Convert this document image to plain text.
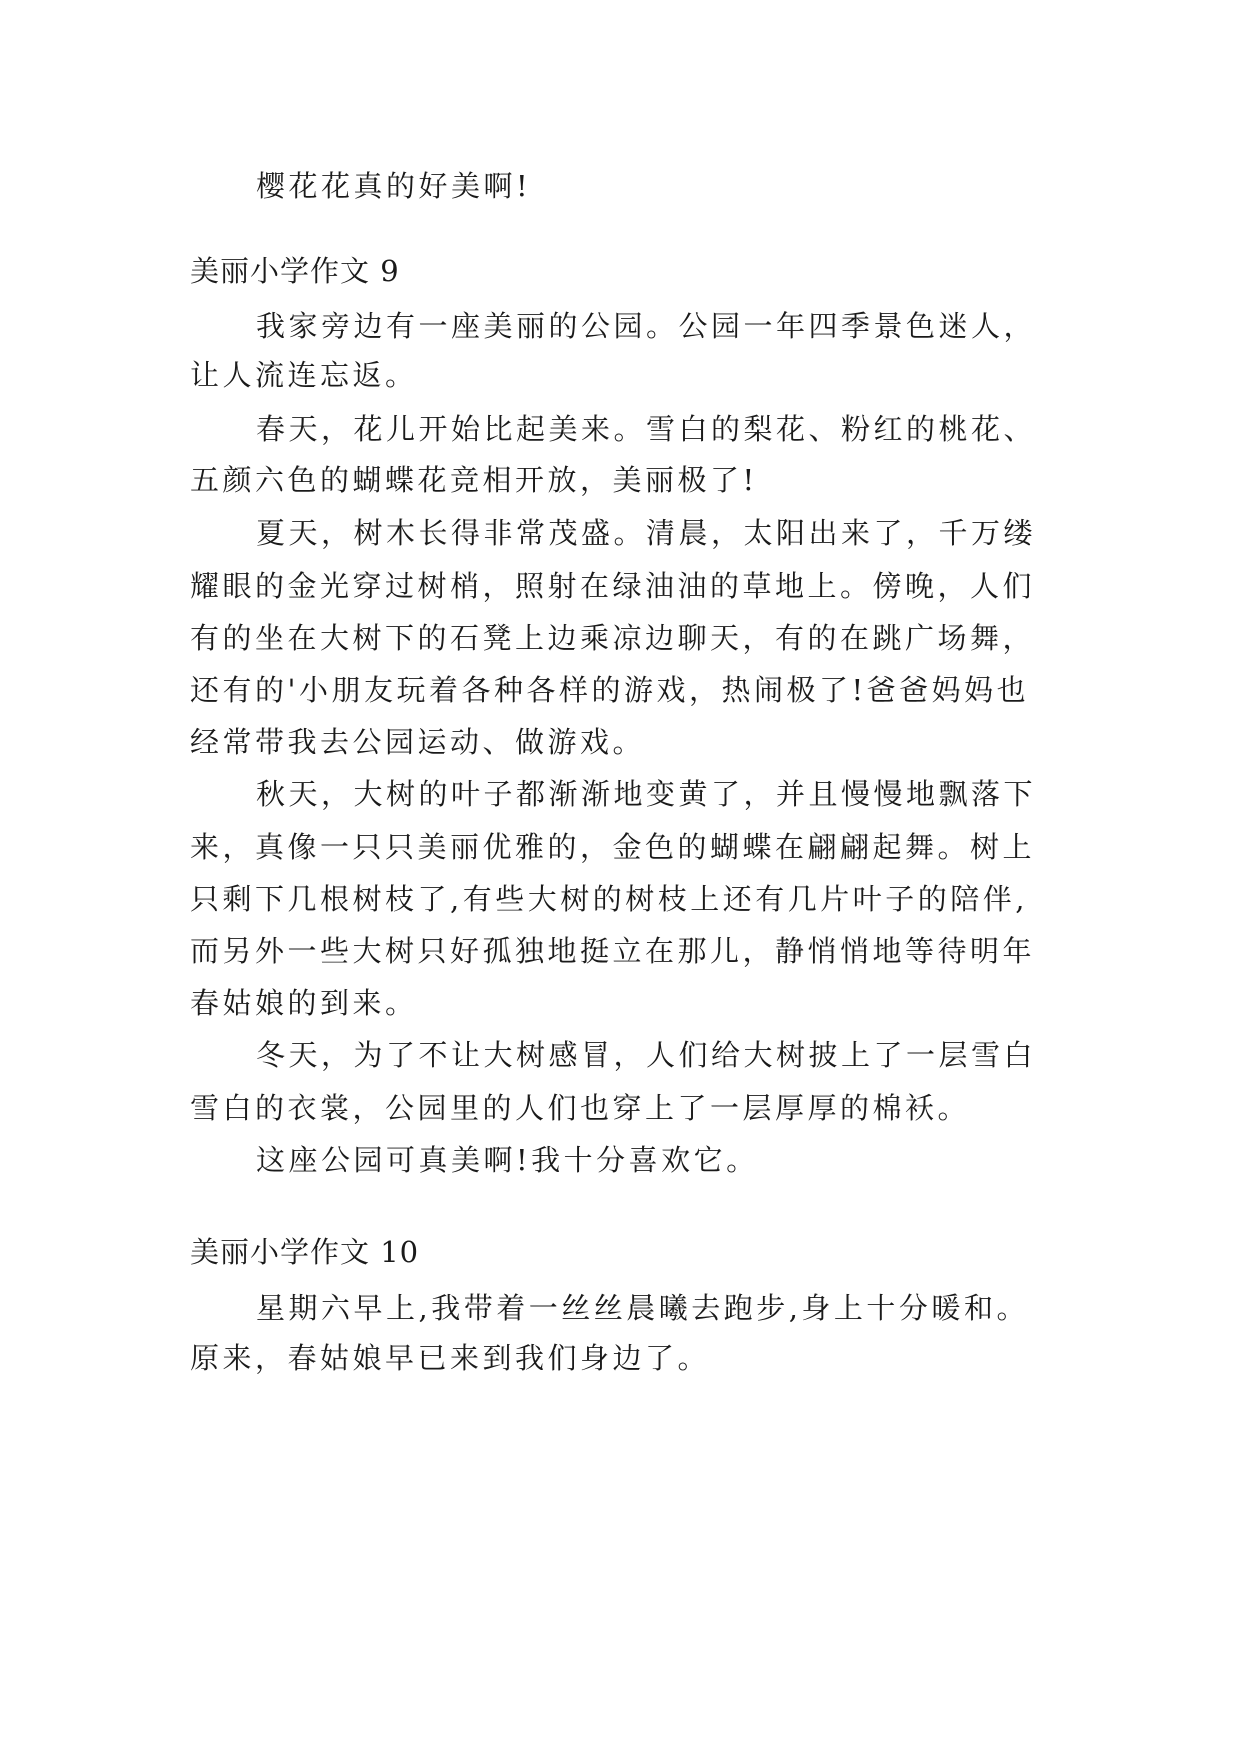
樱花花真的好美啊!
美丽小学作文 9
我家旁边有一座美丽的公园。公园一年四季景色迷人，
让人流连忘返。
春天，花儿开始比起美来。雪白的梨花、粉红的桃花、
五颜六色的蝴蝶花竞相开放，美丽极了!
夏天，树木长得非常茂盛。清晨，太阳出来了，千万缕
耀眼的金光穿过树梢，照射在绿油油的草地上。傍晚，人们
有的坐在大树下的石凳上边乘凉边聊天，有的在跳广场舞，
还有的'小朋友玩着各种各样的游戏，热闹极了!爸爸妈妈也
经常带我去公园运动、做游戏。
秋天，大树的叶子都渐渐地变黄了，并且慢慢地飘落下
来，真像一只只美丽优雅的，金色的蝴蝶在翩翩起舞。树上
只剩下几根树枝了,有些大树的树枝上还有几片叶子的陪伴,
而另外一些大树只好孤独地挺立在那儿，静悄悄地等待明年
春姑娘的到来。
冬天，为了不让大树感冒，人们给大树披上了一层雪白
雪白的衣裳，公园里的人们也穿上了一层厚厚的棉袄。
这座公园可真美啊!我十分喜欢它。
美丽小学作文 10
星期六早上,我带着一丝丝晨曦去跑步,身上十分暖和。
原来，春姑娘早已来到我们身边了。
